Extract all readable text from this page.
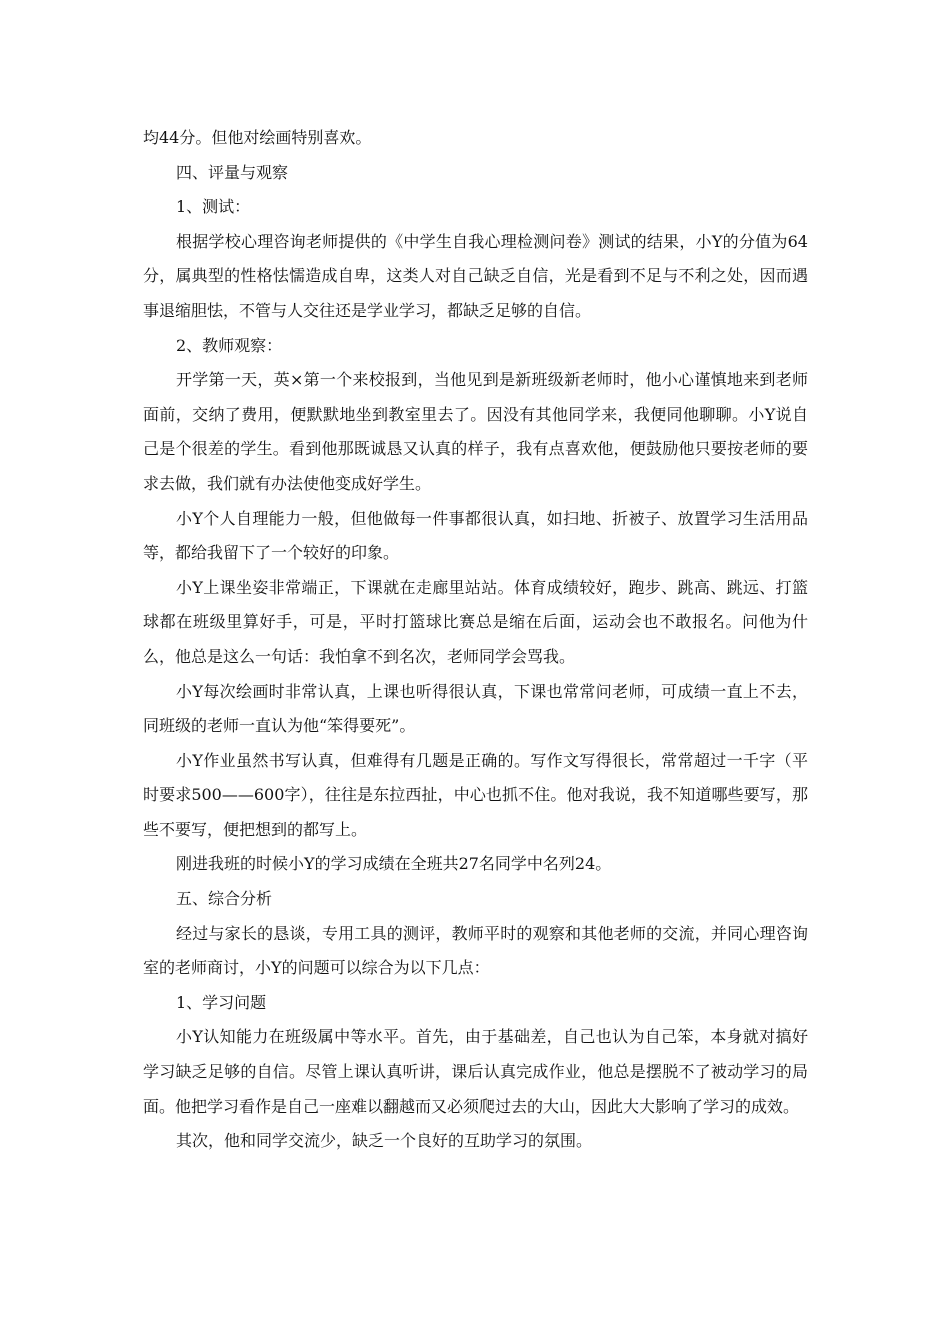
均44分。但他对绘画特别喜欢。

四、评量与观察

1、测试：

根据学校心理咨询老师提供的《中学生自我心理检测问卷》测试的结果，小Y的分值为64分，属典型的性格怯懦造成自卑，这类人对自己缺乏自信，光是看到不足与不利之处，因而遇事退缩胆怯，不管与人交往还是学业学习，都缺乏足够的自信。

2、教师观察：

开学第一天，英×第一个来校报到，当他见到是新班级新老师时，他小心谨慎地来到老师面前，交纳了费用，便默默地坐到教室里去了。因没有其他同学来，我便同他聊聊。小Y说自己是个很差的学生。看到他那既诚恳又认真的样子，我有点喜欢他，便鼓励他只要按老师的要求去做，我们就有办法使他变成好学生。

小Y个人自理能力一般，但他做每一件事都很认真，如扫地、折被子、放置学习生活用品等，都给我留下了一个较好的印象。

小Y上课坐姿非常端正，下课就在走廊里站站。体育成绩较好，跑步、跳高、跳远、打篮球都在班级里算好手，可是，平时打篮球比赛总是缩在后面，运动会也不敢报名。问他为什么，他总是这么一句话：我怕拿不到名次，老师同学会骂我。

小Y每次绘画时非常认真，上课也听得很认真，下课也常常问老师，可成绩一直上不去，同班级的老师一直认为他“笨得要死”。

小Y作业虽然书写认真，但难得有几题是正确的。写作文写得很长，常常超过一千字（平时要求500——600字），往往是东拉西扯，中心也抓不住。他对我说，我不知道哪些要写，那些不要写，便把想到的都写上。

刚进我班的时候小Y的学习成绩在全班共27名同学中名列24。

五、综合分析

经过与家长的恳谈，专用工具的测评，教师平时的观察和其他老师的交流，并同心理咨询室的老师商讨，小Y的问题可以综合为以下几点：

1、学习问题

小Y认知能力在班级属中等水平。首先，由于基础差，自己也认为自己笨，本身就对搞好学习缺乏足够的自信。尽管上课认真听讲，课后认真完成作业，他总是摆脱不了被动学习的局面。他把学习看作是自己一座难以翻越而又必须爬过去的大山，因此大大影响了学习的成效。

其次，他和同学交流少，缺乏一个良好的互助学习的氛围。
